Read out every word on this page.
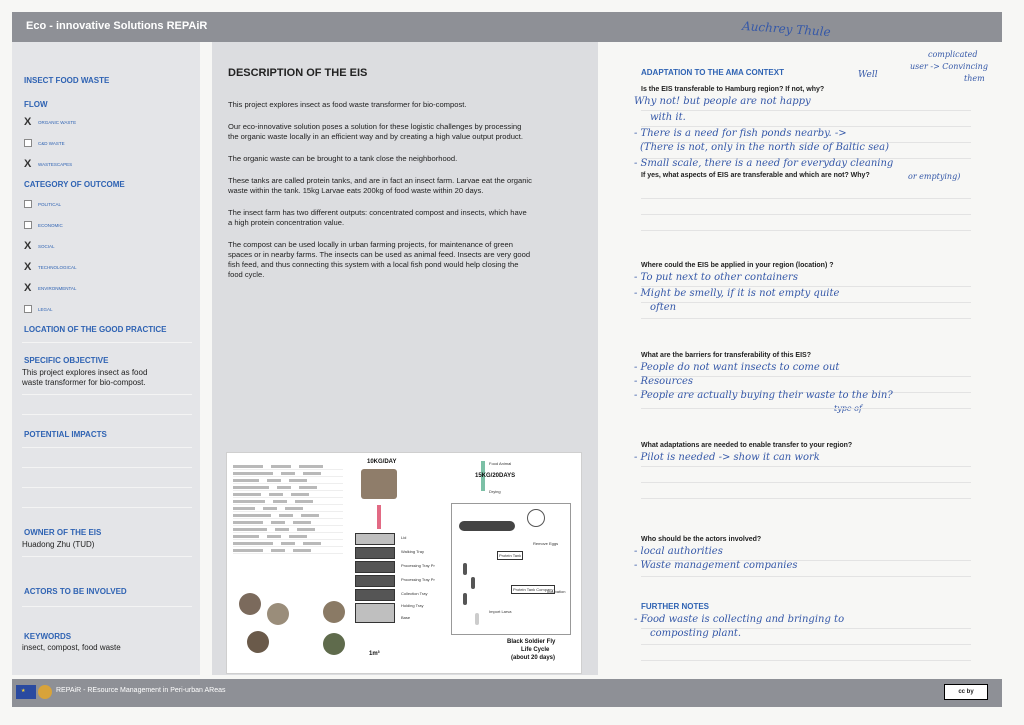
Eco - innovative Solutions REPAiR	Auchrey Thule
INSECT FOOD WASTE
FLOW
X ORGANIC WASTE
C&D WASTE
X WASTESCAPES
CATEGORY OF OUTCOME
POLITICAL
ECONOMIC
X SOCIAL
X TECHNOLOGICAL
X ENVIRONMENTAL
LEGAL
LOCATION OF THE GOOD PRACTICE
SPECIFIC OBJECTIVE
This project explores insect as food
waste transformer for bio-compost.
POTENTIAL IMPACTS
OWNER OF THE EIS
Huadong Zhu (TUD)
ACTORS TO BE INVOLVED
KEYWORDS
insect, compost, food waste
DESCRIPTION OF THE EIS
This project explores insect as food waste transformer for bio-compost.
Our eco-innovative solution poses a solution for these logistic challenges by processing
the organic waste locally in an efficient way and by creating a high value output product.
The organic waste can be brought to a tank close the neighborhood.
These tanks are called protein tanks, and are in fact an insect farm. Larvae eat the organic
waste within the tank. 15kg Larvae eats 200kg of food waste within 20 days.
The insect farm has two different outputs: concentrated compost and insects, which have
a high protein concentration value.
The compost can be used locally in urban farming projects, for maintenance of green
spaces or in nearby farms. The insects can be used as animal feed. Insects are very good
fish feed, and thus connecting this system with a local fish pond would help closing the
food cycle.
10KG/DAY
Lid
Walking Tray
Processing Tray Pr
Processing Tray Pr
Collection Tray
Holding Tray
Base
1m³
Food Animal
15KG/20DAYS
Drying
Protein Tank
Remove Eggs
Protein Tank Company
Incubation
Import Larva
Black Soldier Fly
Life Cycle
(about 20 days)
ADAPTATION TO THE AMA CONTEXT	Well
complicated
user -> Convincing
them
Is the EIS transferable to Hamburg region? If not, why?
Why not! but people are not happy
with it.
- There is a need for fish ponds nearby. ->
(There is not, only in the north side of Baltic sea)
- Small scale, there is a need for everyday cleaning
If yes, what aspects of EIS are transferable and which are not? Why?	or emptying)
Where could the EIS be applied in your region (location) ?
- To put next to other containers
- Might be smelly, if it is not empty quite
often
What are the barriers for transferability of this EIS?
- People do not want insects to come out
- Resources
- People are actually buying their waste to the bin?
type of
What adaptations are needed to enable transfer to your region?
- Pilot is needed -> show it can work
Who should be the actors involved?
- local authorities
- Waste management companies
FURTHER NOTES
- Food waste is collecting and bringing to
composting plant.
★	REPAiR - REsource Management in Peri-urban AReas	cc by
